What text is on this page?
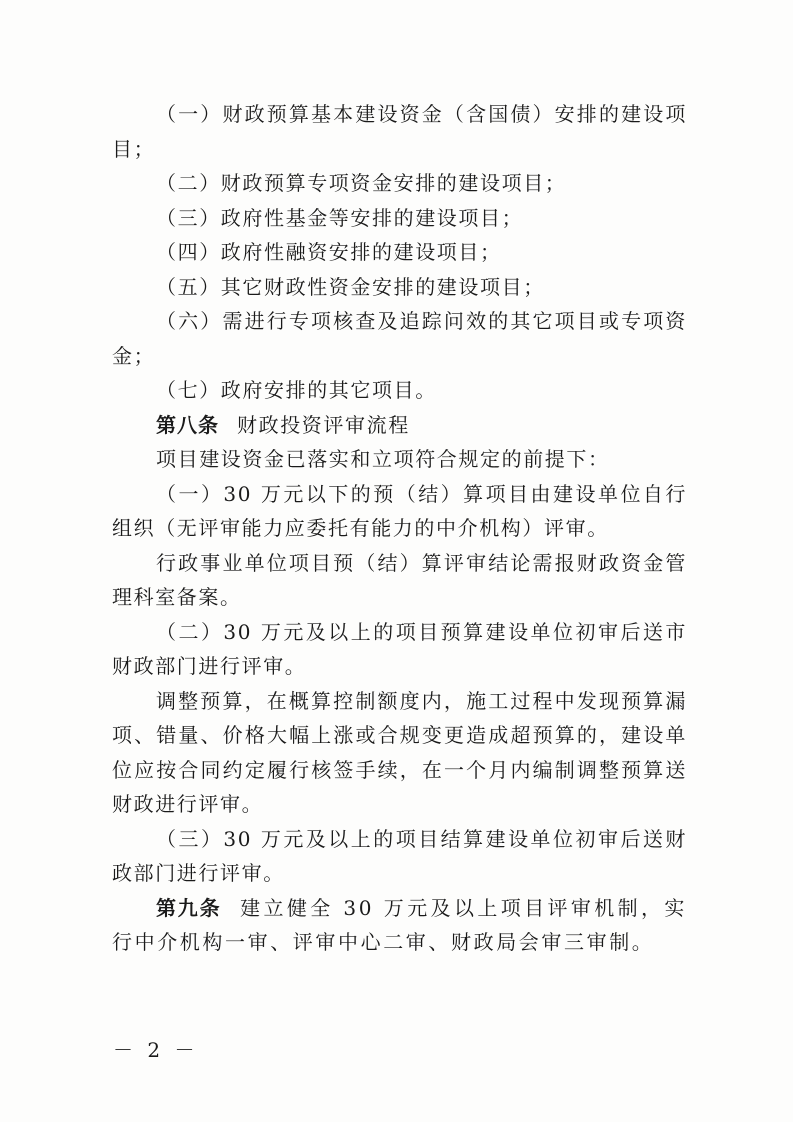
（一）财政预算基本建设资金（含国债）安排的建设项目；

（二）财政预算专项资金安排的建设项目；

（三）政府性基金等安排的建设项目；

（四）政府性融资安排的建设项目；

（五）其它财政性资金安排的建设项目；

（六）需进行专项核查及追踪问效的其它项目或专项资金；

（七）政府安排的其它项目。

第八条 财政投资评审流程

项目建设资金已落实和立项符合规定的前提下：

（一）30 万元以下的预（结）算项目由建设单位自行组织（无评审能力应委托有能力的中介机构）评审。

行政事业单位项目预（结）算评审结论需报财政资金管理科室备案。

（二）30 万元及以上的项目预算建设单位初审后送市财政部门进行评审。

调整预算，在概算控制额度内，施工过程中发现预算漏项、错量、价格大幅上涨或合规变更造成超预算的，建设单位应按合同约定履行核签手续，在一个月内编制调整预算送财政进行评审。

（三）30 万元及以上的项目结算建设单位初审后送财政部门进行评审。

第九条 建立健全 30 万元及以上项目评审机制，实行中介机构一审、评审中心二审、财政局会审三审制。

－ 2 －
